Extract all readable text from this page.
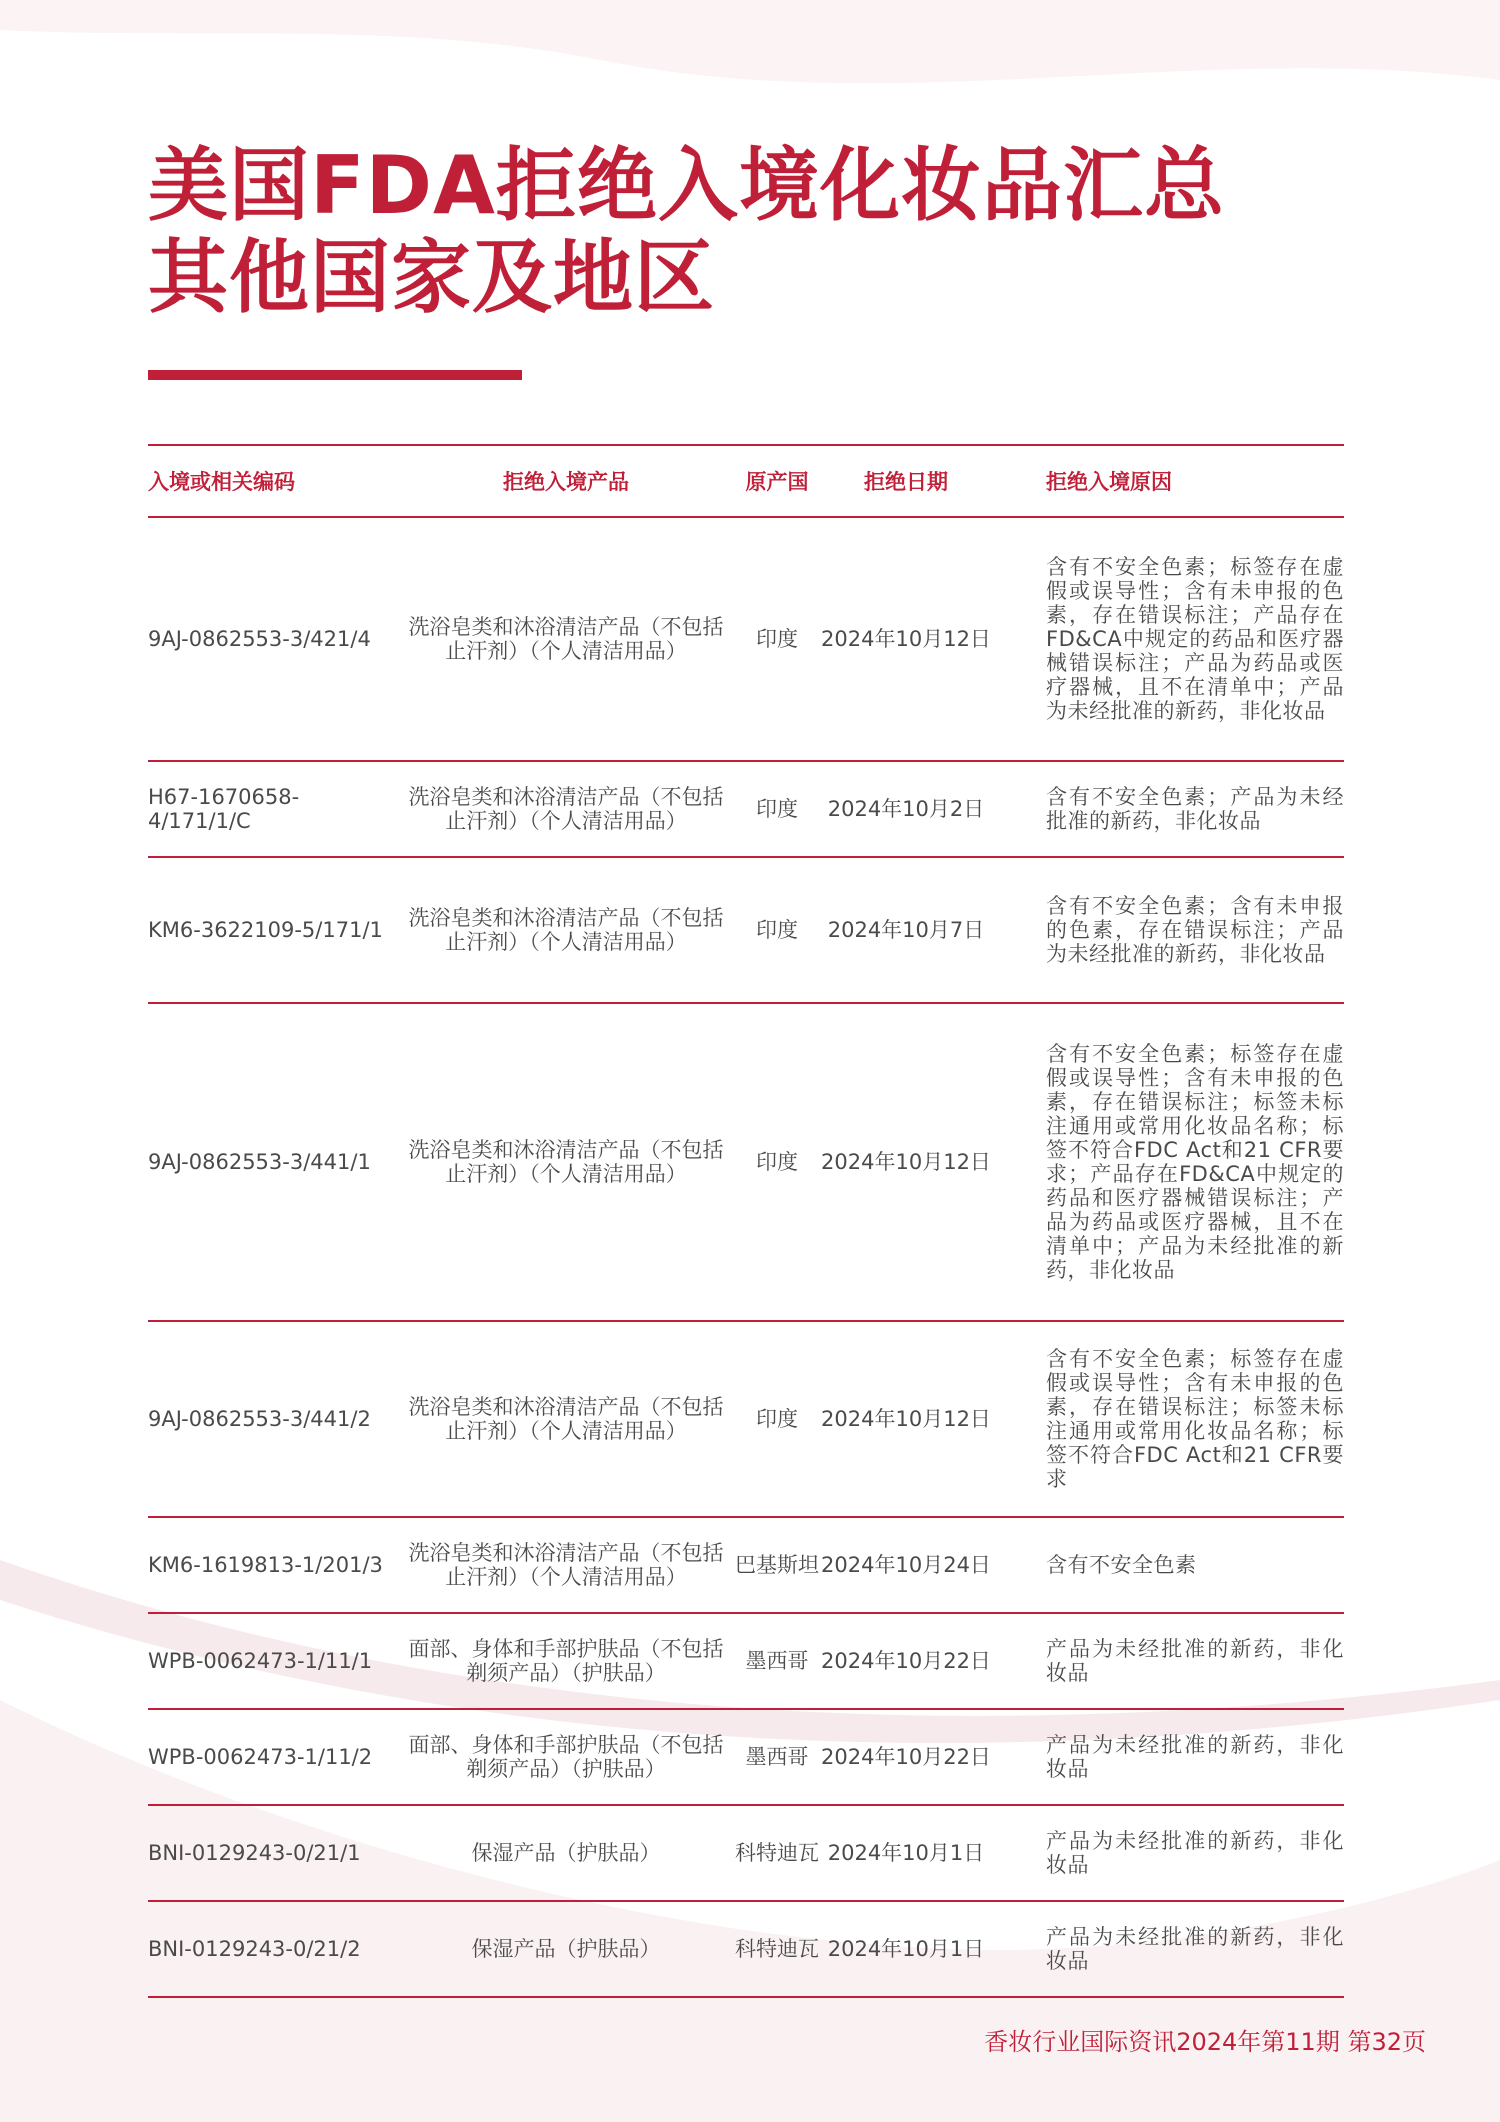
美国FDA拒绝入境化妆品汇总
其他国家及地区
入境或相关编码	拒绝入境产品	原产国	拒绝日期	拒绝入境原因
9AJ-0862553-3/421/4	洗浴皂类和沐浴清洁产品（不包括止汗剂）（个人清洁用品）	印度	2024年10月12日	含有不安全色素；标签存在虚假或误导性；含有未申报的色素，存在错误标注；产品存在FD&CA中规定的药品和医疗器械错误标注；产品为药品或医疗器械，且不在清单中；产品为未经批准的新药，非化妆品
H67-1670658-4/171/1/C	洗浴皂类和沐浴清洁产品（不包括止汗剂）（个人清洁用品）	印度	2024年10月2日	含有不安全色素；产品为未经批准的新药，非化妆品
KM6-3622109-5/171/1	洗浴皂类和沐浴清洁产品（不包括止汗剂）（个人清洁用品）	印度	2024年10月7日	含有不安全色素；含有未申报的色素，存在错误标注；产品为未经批准的新药，非化妆品
9AJ-0862553-3/441/1	洗浴皂类和沐浴清洁产品（不包括止汗剂）（个人清洁用品）	印度	2024年10月12日	含有不安全色素；标签存在虚假或误导性；含有未申报的色素，存在错误标注；标签未标注通用或常用化妆品名称；标签不符合FDC Act和21 CFR要求；产品存在FD&CA中规定的药品和医疗器械错误标注；产品为药品或医疗器械，且不在清单中；产品为未经批准的新药，非化妆品
9AJ-0862553-3/441/2	洗浴皂类和沐浴清洁产品（不包括止汗剂）（个人清洁用品）	印度	2024年10月12日	含有不安全色素；标签存在虚假或误导性；含有未申报的色素，存在错误标注；标签未标注通用或常用化妆品名称；标签不符合FDC Act和21 CFR要求
KM6-1619813-1/201/3	洗浴皂类和沐浴清洁产品（不包括止汗剂）（个人清洁用品）	巴基斯坦	2024年10月24日	含有不安全色素
WPB-0062473-1/11/1	面部、身体和手部护肤品（不包括剃须产品）（护肤品）	墨西哥	2024年10月22日	产品为未经批准的新药，非化妆品
WPB-0062473-1/11/2	面部、身体和手部护肤品（不包括剃须产品）（护肤品）	墨西哥	2024年10月22日	产品为未经批准的新药，非化妆品
BNI-0129243-0/21/1	保湿产品（护肤品）	科特迪瓦	2024年10月1日	产品为未经批准的新药，非化妆品
BNI-0129243-0/21/2	保湿产品（护肤品）	科特迪瓦	2024年10月1日	产品为未经批准的新药，非化妆品
香妆行业国际资讯2024年第11期 第32页
